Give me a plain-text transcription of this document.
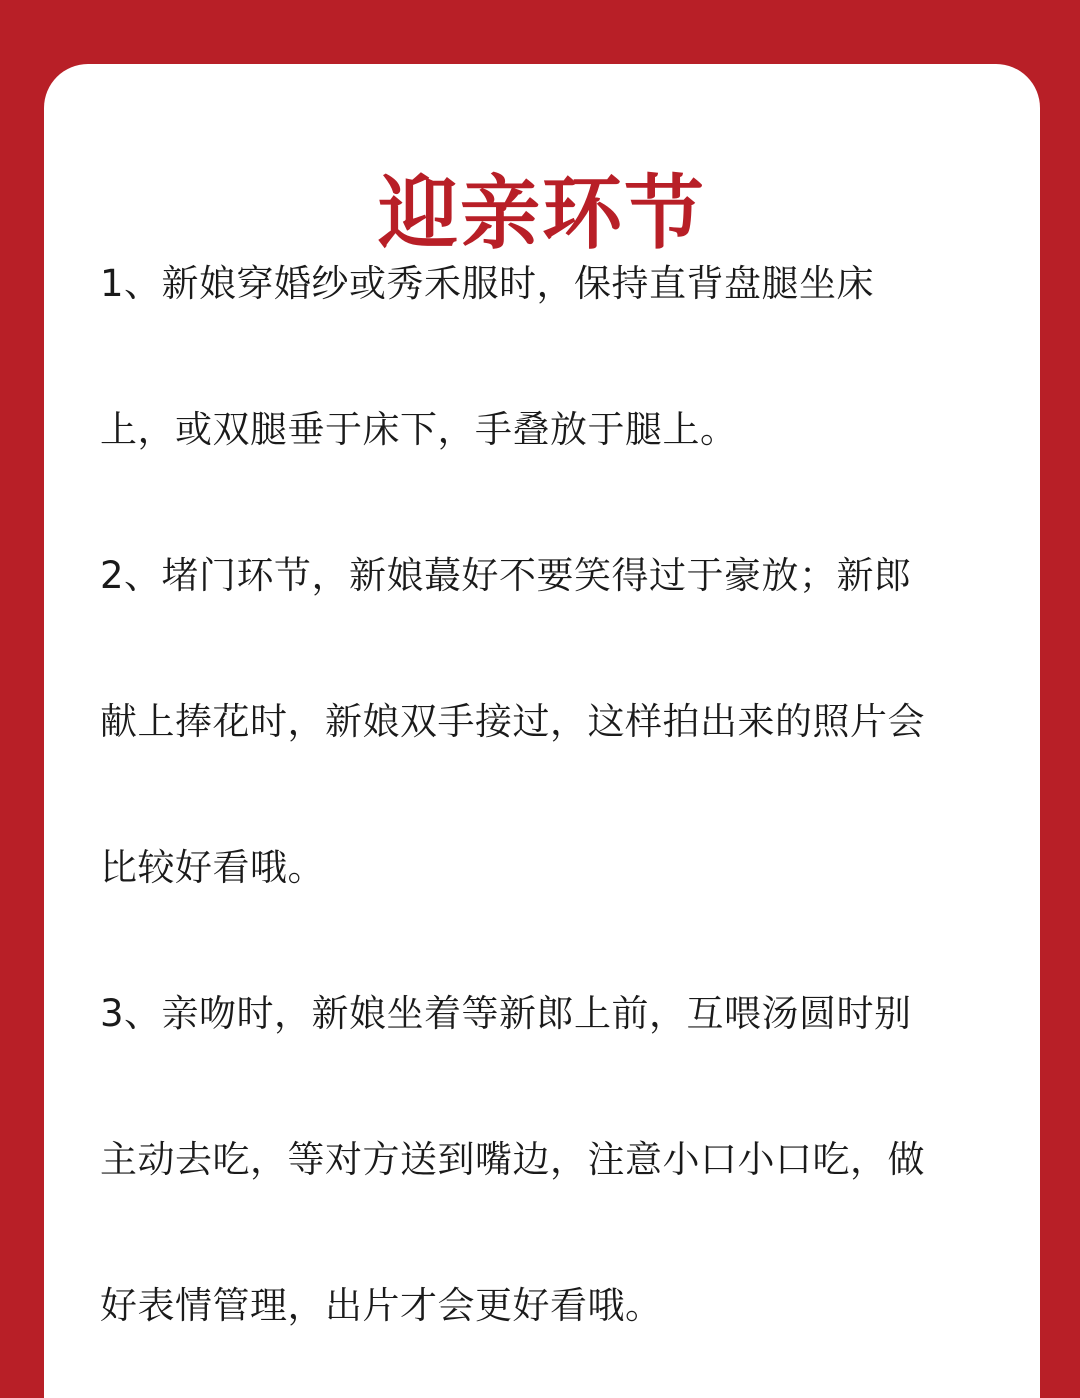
迎亲环节
1、新娘穿婚纱或秀禾服时，保持直背盘腿坐床
上，或双腿垂于床下，手叠放于腿上。
2、堵门环节，新娘蕞好不要笑得过于豪放；新郎
献上捧花时，新娘双手接过，这样拍出来的照片会
比较好看哦。
3、亲吻时，新娘坐着等新郎上前，互喂汤圆时别
主动去吃，等对方送到嘴边，注意小口小口吃，做
好表情管理，出片才会更好看哦。
